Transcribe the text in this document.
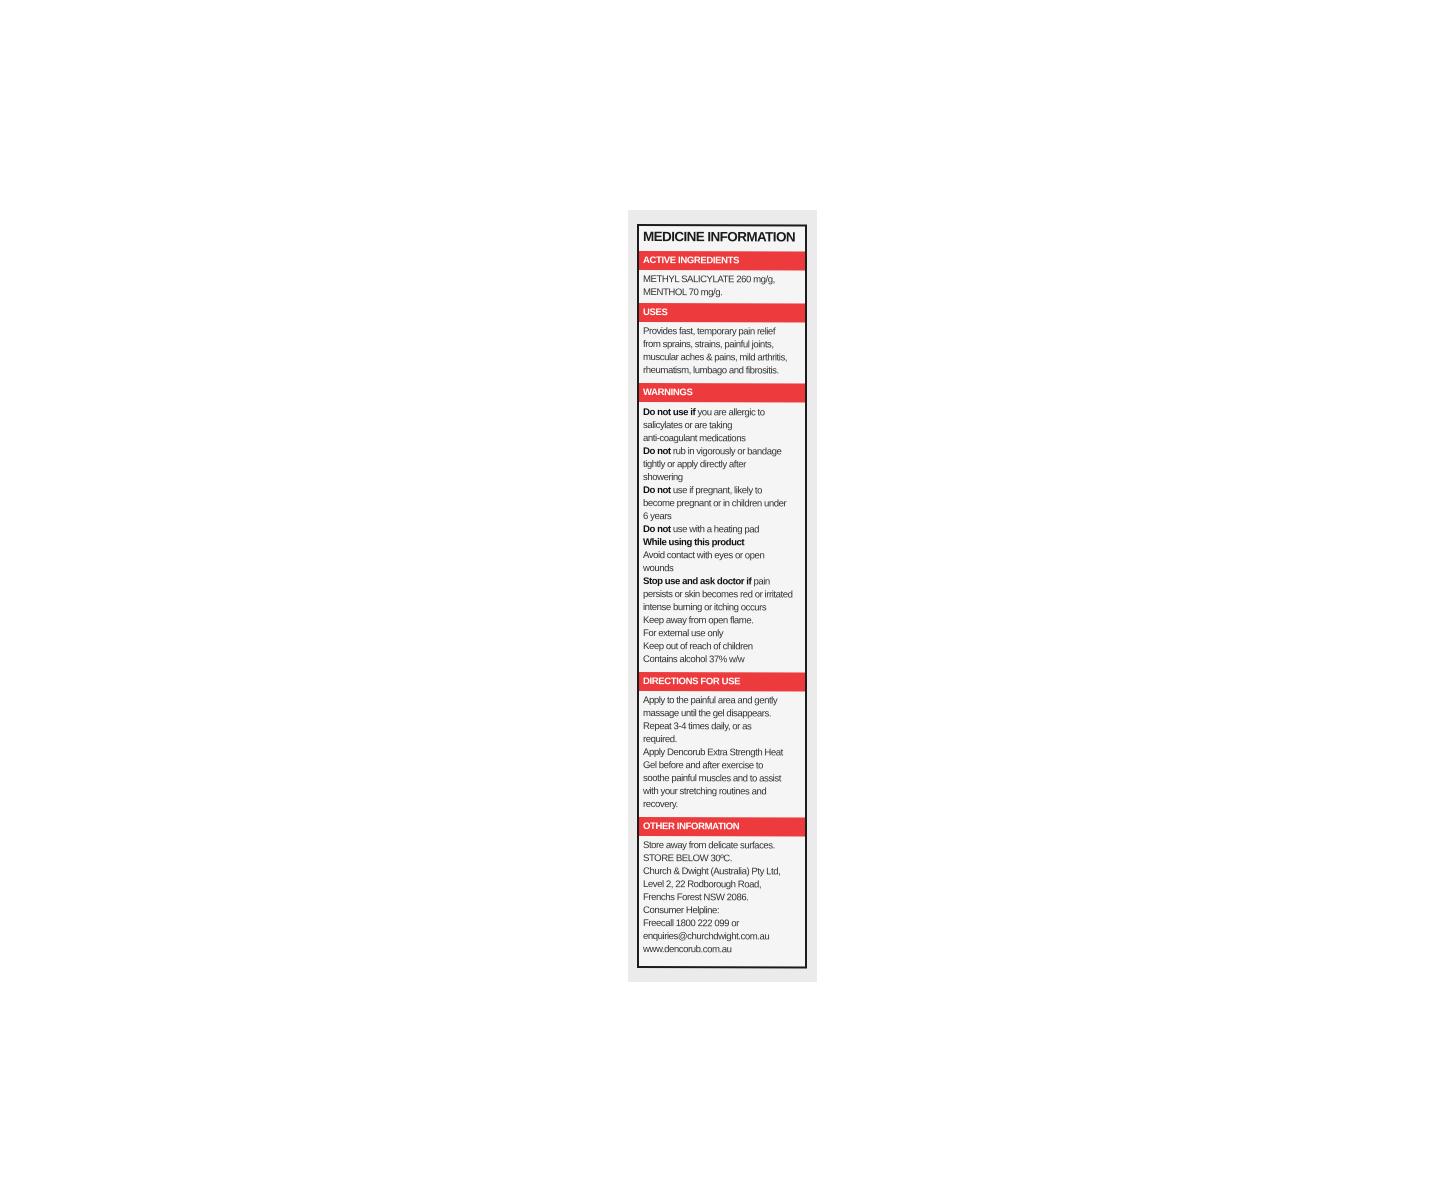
MEDICINE INFORMATION
ACTIVE INGREDIENTS
METHYL SALICYLATE 260 mg/g,
MENTHOL 70 mg/g.
USES
Provides fast, temporary pain relief
from sprains, strains, painful joints,
muscular aches & pains, mild arthritis,
rheumatism, lumbago and fibrositis.
WARNINGS
Do not use if you are allergic to
salicylates or are taking
anti-coagulant medications
Do not rub in vigorously or bandage
tightly or apply directly after
showering
Do not use if pregnant, likely to
become pregnant or in children under
6 years
Do not use with a heating pad
While using this product
Avoid contact with eyes or open
wounds
Stop use and ask doctor if pain
persists or skin becomes red or irritated
intense burning or itching occurs
Keep away from open flame.
For external use only
Keep out of reach of children
Contains alcohol 37% w/w
DIRECTIONS FOR USE
Apply to the painful area and gently
massage until the gel disappears.
Repeat 3-4 times daily, or as
required.
Apply Dencorub Extra Strength Heat
Gel before and after exercise to
soothe painful muscles and to assist
with your stretching routines and
recovery.
OTHER INFORMATION
Store away from delicate surfaces.
STORE BELOW 30ºC.
Church & Dwight (Australia) Pty Ltd,
Level 2, 22 Rodborough Road,
Frenchs Forest NSW 2086.
Consumer Helpline:
Freecall 1800 222 099 or
enquiries@churchdwight.com.au
www.dencorub.com.au
